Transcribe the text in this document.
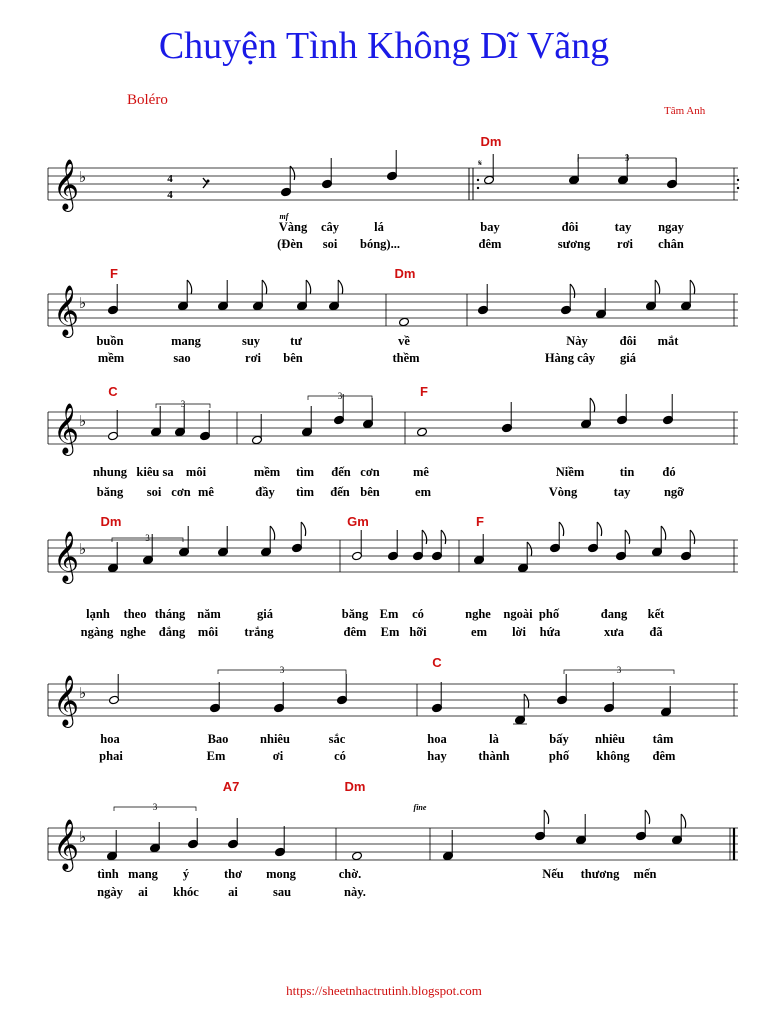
Chuyện Tình Không Dĩ Vãng
Boléro
Tâm Anh
𝄞 ♭	4
4
mf
3
𝄋
Dm
Vàng cây	lá	bay	đôi	tay ngay
(Đèn soi bóng)...	đêm	sương rơi chân
𝄞 ♭
F	Dm
buồn	mang	suy tư	về	Này	đôi mắt
mềm	sao	rơi bên	thềm	Hàng cây giá
𝄞 ♭
3
3
C	F
nhung kiêu sa môi	mềm tìm đến cơn	mê	Niềm	tin đó
băng soi cơn mê	đầy tìm đến bên	em	Vòng	tay	ngỡ
𝄞 ♭
3
Dm	Gm	F
lạnh theo tháng năm	giá	băng Em có	nghe ngoài phố	đang kết
ngàng nghe đắng môi trắng	đêm Em hỡi	em lời hứa	xưa đã
𝄞 ♭
3	3
C
hoa	Bao	nhiêu	sắc	hoa	là	bấy nhiêu tâm
phai	Em	ơi	có	hay	thành	phố không đêm
𝄞 ♭
3	fine
A7	Dm
tình mang ý	thơ mong	chờ.	Nếu thương mến
ngày ai khóc ai	sau	này.
https://sheetnhactrutinh.blogspot.com
